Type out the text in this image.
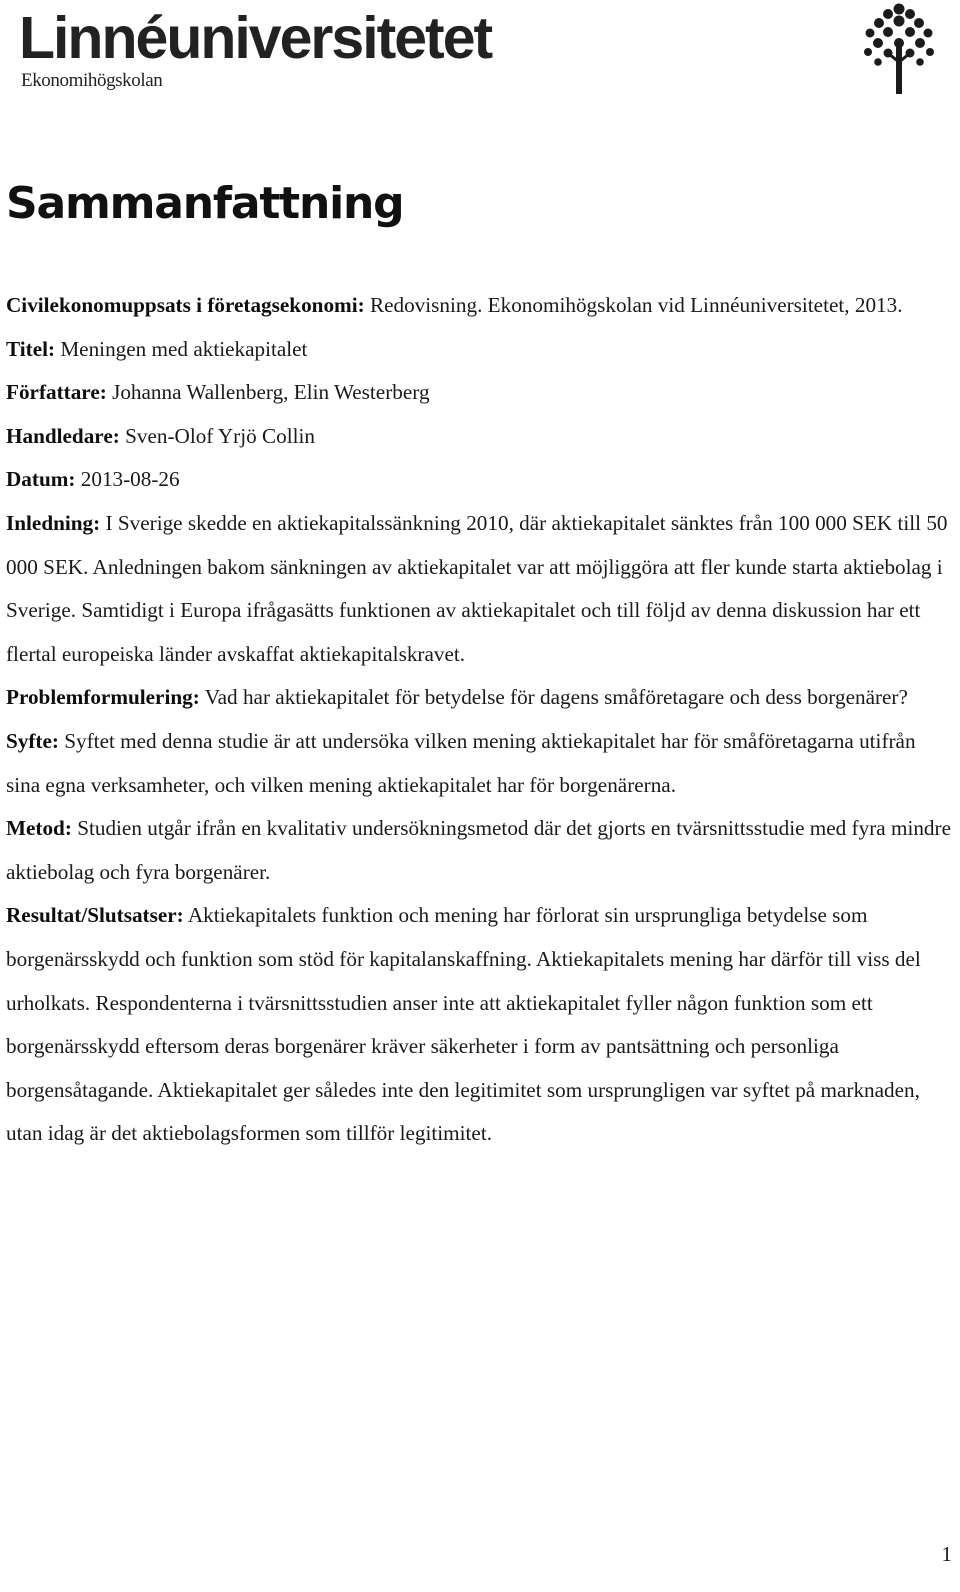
Linnéuniversitetet
Ekonomihögskolan
Sammanfattning

Civilekonomuppsats i företagsekonomi: Redovisning. Ekonomihögskolan vid Linnéuniversitetet, 2013.

Titel: Meningen med aktiekapitalet

Författare: Johanna Wallenberg, Elin Westerberg

Handledare: Sven-Olof Yrjö Collin

Datum: 2013-08-26

Inledning: I Sverige skedde en aktiekapitalssänkning 2010, där aktiekapitalet sänktes från 100 000 SEK till 50 000 SEK. Anledningen bakom sänkningen av aktiekapitalet var att möjliggöra att fler kunde starta aktiebolag i Sverige. Samtidigt i Europa ifrågasätts funktionen av aktiekapitalet och till följd av denna diskussion har ett flertal europeiska länder avskaffat aktiekapitalskravet.

Problemformulering: Vad har aktiekapitalet för betydelse för dagens småföretagare och dess borgenärer?

Syfte: Syftet med denna studie är att undersöka vilken mening aktiekapitalet har för småföretagarna utifrån sina egna verksamheter, och vilken mening aktiekapitalet har för borgenärerna.

Metod: Studien utgår ifrån en kvalitativ undersökningsmetod där det gjorts en tvärsnittsstudie med fyra mindre aktiebolag och fyra borgenärer.

Resultat/Slutsatser: Aktiekapitalets funktion och mening har förlorat sin ursprungliga betydelse som borgenärsskydd och funktion som stöd för kapitalanskaffning. Aktiekapitalets mening har därför till viss del urholkats. Respondenterna i tvärsnittsstudien anser inte att aktiekapitalet fyller någon funktion som ett borgenärsskydd eftersom deras borgenärer kräver säkerheter i form av pantsättning och personliga borgensåtagande. Aktiekapitalet ger således inte den legitimitet som ursprungligen var syftet på marknaden, utan idag är det aktiebolagsformen som tillför legitimitet.

1
